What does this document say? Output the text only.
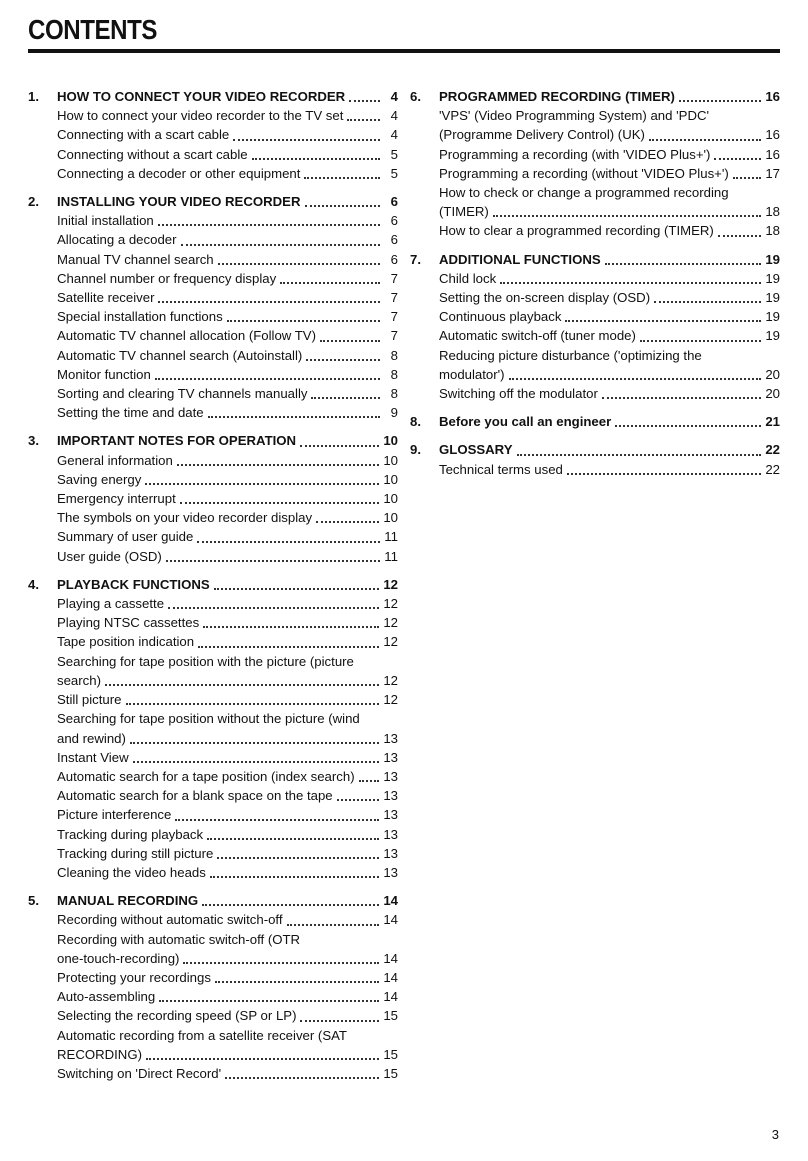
CONTENTS
1.	HOW TO CONNECT YOUR VIDEO RECORDER	4
How to connect your video recorder to the TV set	4
Connecting with a scart cable	4
Connecting without a scart cable	5
Connecting a decoder or other equipment	5
2.	INSTALLING YOUR VIDEO RECORDER	6
Initial installation	6
Allocating a decoder	6
Manual TV channel search	6
Channel number or frequency display	7
Satellite receiver	7
Special installation functions	7
Automatic TV channel allocation (Follow TV)	7
Automatic TV channel search (Autoinstall)	8
Monitor function	8
Sorting and clearing TV channels manually	8
Setting the time and date	9
3.	IMPORTANT NOTES FOR OPERATION	10
General information	10
Saving energy	10
Emergency interrupt	10
The symbols on your video recorder display	10
Summary of user guide	11
User guide (OSD)	11
4.	PLAYBACK FUNCTIONS	12
Playing a cassette	12
Playing NTSC cassettes	12
Tape position indication	12
Searching for tape position with the picture (picture
search)	12
Still picture	12
Searching for tape position without the picture (wind
and rewind)	13
Instant View	13
Automatic search for a tape position (index search) 13
Automatic search for a blank space on the tape	13
Picture interference	13
Tracking during playback	13
Tracking during still picture	13
Cleaning the video heads	13
5.	MANUAL RECORDING	14
Recording without automatic switch-off	14
Recording with automatic switch-off (OTR
one-touch-recording)	14
Protecting your recordings	14
Auto-assembling	14
Selecting the recording speed (SP or LP)	15
Automatic recording from a satellite receiver (SAT
RECORDING)	15
Switching on 'Direct Record'	15
6.	PROGRAMMED RECORDING (TIMER)	16
'VPS' (Video Programming System) and 'PDC'
(Programme Delivery Control) (UK)	16
Programming a recording (with 'VIDEO Plus+')	16
Programming a recording (without 'VIDEO Plus+')	17
How to check or change a programmed recording
(TIMER)	18
How to clear a programmed recording (TIMER)	18
7.	ADDITIONAL FUNCTIONS	19
Child lock	19
Setting the on-screen display (OSD)	19
Continuous playback	19
Automatic switch-off (tuner mode)	19
Reducing picture disturbance ('optimizing the
modulator')	20
Switching off the modulator	20
8.	Before you call an engineer	21
9.	GLOSSARY	22
Technical terms used	22
3
